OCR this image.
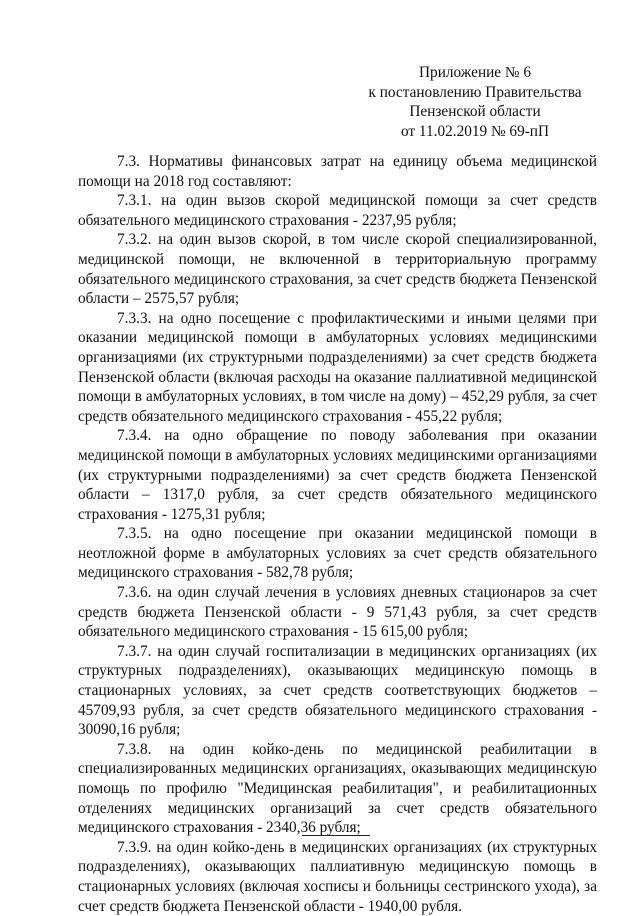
Приложение № 6
к постановлению Правительства
Пензенской области
от 11.02.2019 № 69-пП

7.3. Нормативы финансовых затрат на единицу объема медицинской помощи на 2018 год составляют:

7.3.1. на один вызов скорой медицинской помощи за счет средств обязательного медицинского страхования - 2237,95 рубля;

7.3.2. на один вызов скорой, в том числе скорой специализированной, медицинской помощи, не включенной в территориальную программу обязательного медицинского страхования, за счет средств бюджета Пензенской области – 2575,57 рубля;

7.3.3. на одно посещение с профилактическими и иными целями при оказании медицинской помощи в амбулаторных условиях медицинскими организациями (их структурными подразделениями) за счет средств бюджета Пензенской области (включая расходы на оказание паллиативной медицинской помощи в амбулаторных условиях, в том числе на дому) – 452,29 рубля, за счет средств обязательного медицинского страхования - 455,22 рубля;

7.3.4. на одно обращение по поводу заболевания при оказании медицинской помощи в амбулаторных условиях медицинскими организациями (их структурными подразделениями) за счет средств бюджета Пензенской области – 1317,0 рубля, за счет средств обязательного медицинского страхования - 1275,31 рубля;

7.3.5. на одно посещение при оказании медицинской помощи в неотложной форме в амбулаторных условиях за счет средств обязательного медицинского страхования - 582,78 рубля;

7.3.6. на один случай лечения в условиях дневных стационаров за счет средств бюджета Пензенской области - 9 571,43 рубля, за счет средств обязательного медицинского страхования - 15 615,00 рубля;

7.3.7. на один случай госпитализации в медицинских организациях (их структурных подразделениях), оказывающих медицинскую помощь в стационарных условиях, за счет средств соответствующих бюджетов – 45709,93 рубля, за счет средств обязательного медицинского страхования - 30090,16 рубля;

7.3.8. на один койко-день по медицинской реабилитации в специализированных медицинских организациях, оказывающих медицинскую помощь по профилю "Медицинская реабилитация", и реабилитационных отделениях медицинских организаций за счет средств обязательного медицинского страхования - 2340,36 рубля;

7.3.9. на один койко-день в медицинских организациях (их структурных подразделениях), оказывающих паллиативную медицинскую помощь в стационарных условиях (включая хосписы и больницы сестринского ухода), за счет средств бюджета Пензенской области - 1940,00 рубля.
